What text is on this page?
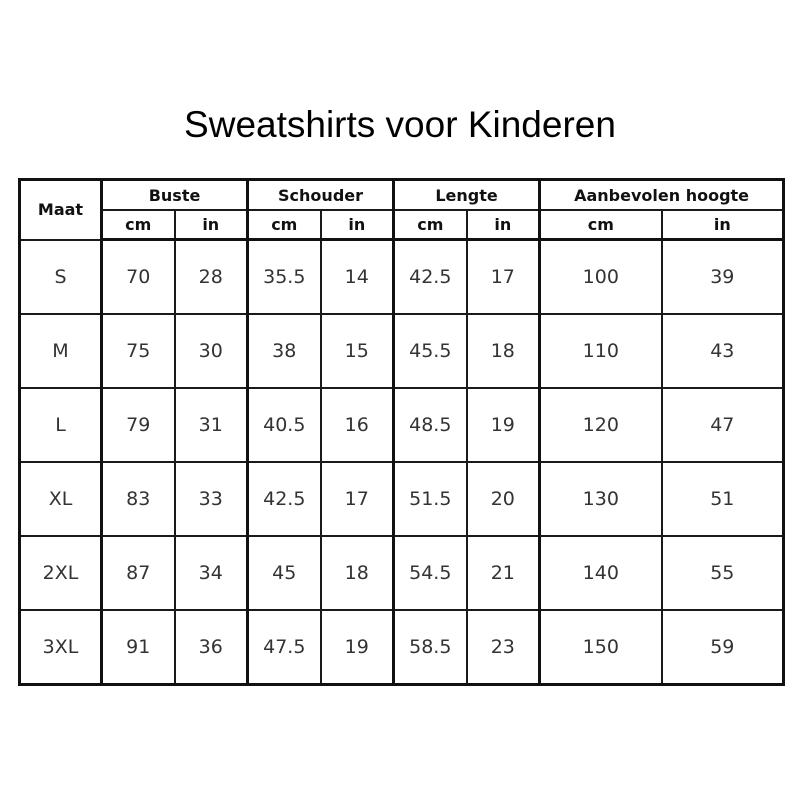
Sweatshirts voor Kinderen
Maat	Buste		Schouder		Lengte		Aanbevolen hoogte	
	cm	in	cm	in	cm	in	cm	in
S	70	28	35.5	14	42.5	17	100	39
M	75	30	38	15	45.5	18	110	43
L	79	31	40.5	16	48.5	19	120	47
XL	83	33	42.5	17	51.5	20	130	51
2XL	87	34	45	18	54.5	21	140	55
3XL	91	36	47.5	19	58.5	23	150	59
